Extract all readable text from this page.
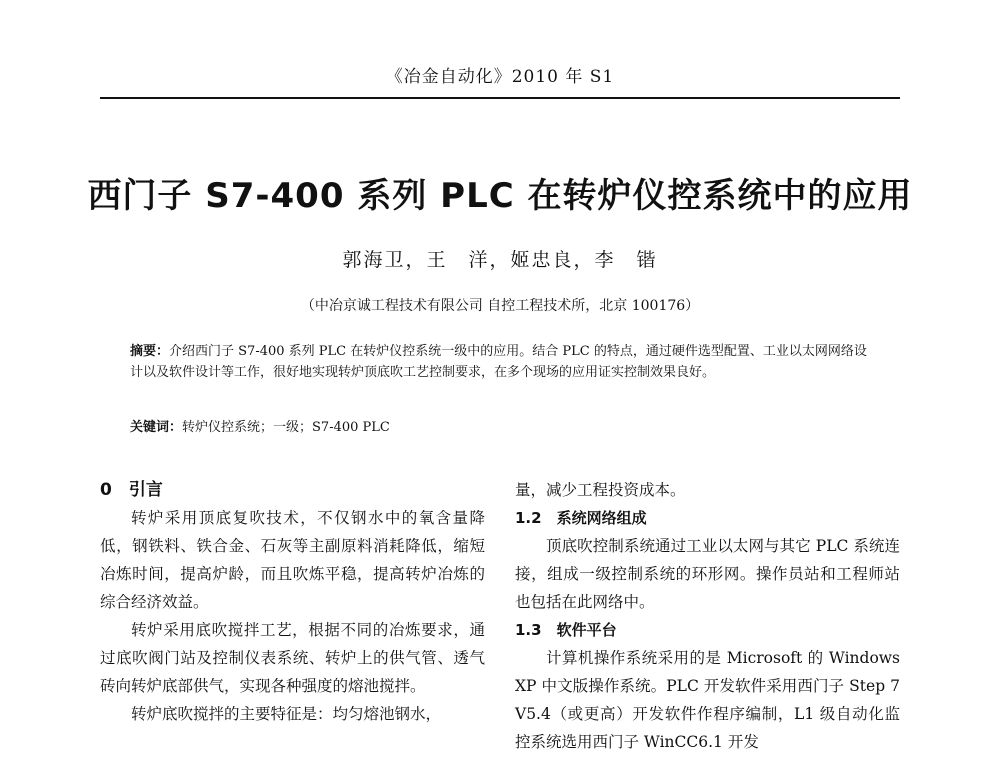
《冶金自动化》2010 年 S1
西门子 S7-400 系列 PLC 在转炉仪控系统中的应用
郭海卫，王　洋，姬忠良，李　锴
（中冶京诚工程技术有限公司 自控工程技术所，北京 100176）
摘要：介绍西门子 S7-400 系列 PLC 在转炉仪控系统一级中的应用。结合 PLC 的特点，通过硬件选型配置、工业以太网网络设计以及软件设计等工作，很好地实现转炉顶底吹工艺控制要求，在多个现场的应用证实控制效果良好。
关键词：转炉仪控系统；一级；S7-400 PLC

0　引言

转炉采用顶底复吹技术，不仅钢水中的氧含量降低，钢铁料、铁合金、石灰等主副原料消耗降低，缩短冶炼时间，提高炉龄，而且吹炼平稳，提高转炉冶炼的综合经济效益。

转炉采用底吹搅拌工艺，根据不同的冶炼要求，通过底吹阀门站及控制仪表系统、转炉上的供气管、透气砖向转炉底部供气，实现各种强度的熔池搅拌。

转炉底吹搅拌的主要特征是：均匀熔池钢水，

量，减少工程投资成本。

1.2　系统网络组成

顶底吹控制系统通过工业以太网与其它 PLC 系统连接，组成一级控制系统的环形网。操作员站和工程师站也包括在此网络中。

1.3　软件平台

计算机操作系统采用的是 Microsoft 的 Windows XP 中文版操作系统。PLC 开发软件采用西门子 Step 7 V5.4（或更高）开发软件作程序编制，L1 级自动化监控系统选用西门子 WinCC6.1 开发
